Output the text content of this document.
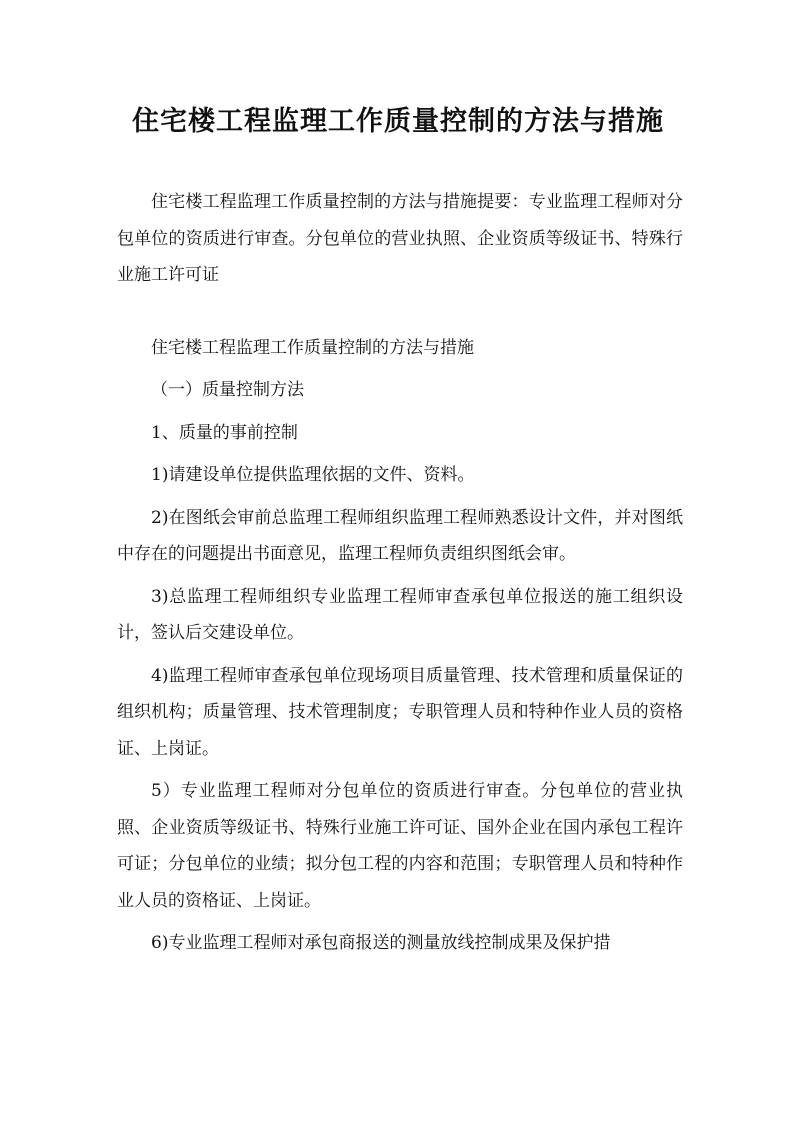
住宅楼工程监理工作质量控制的方法与措施

住宅楼工程监理工作质量控制的方法与措施提要：专业监理工程师对分包单位的资质进行审查。分包单位的营业执照、企业资质等级证书、特殊行业施工许可证

住宅楼工程监理工作质量控制的方法与措施

（一）质量控制方法

1、质量的事前控制

1)请建设单位提供监理依据的文件、资料。

2)在图纸会审前总监理工程师组织监理工程师熟悉设计文件，并对图纸中存在的问题提出书面意见，监理工程师负责组织图纸会审。

3)总监理工程师组织专业监理工程师审查承包单位报送的施工组织设计，签认后交建设单位。

4)监理工程师审查承包单位现场项目质量管理、技术管理和质量保证的组织机构；质量管理、技术管理制度；专职管理人员和特种作业人员的资格证、上岗证。

5）专业监理工程师对分包单位的资质进行审查。分包单位的营业执照、企业资质等级证书、特殊行业施工许可证、国外企业在国内承包工程许可证；分包单位的业绩；拟分包工程的内容和范围；专职管理人员和特种作业人员的资格证、上岗证。

6)专业监理工程师对承包商报送的测量放线控制成果及保护措
